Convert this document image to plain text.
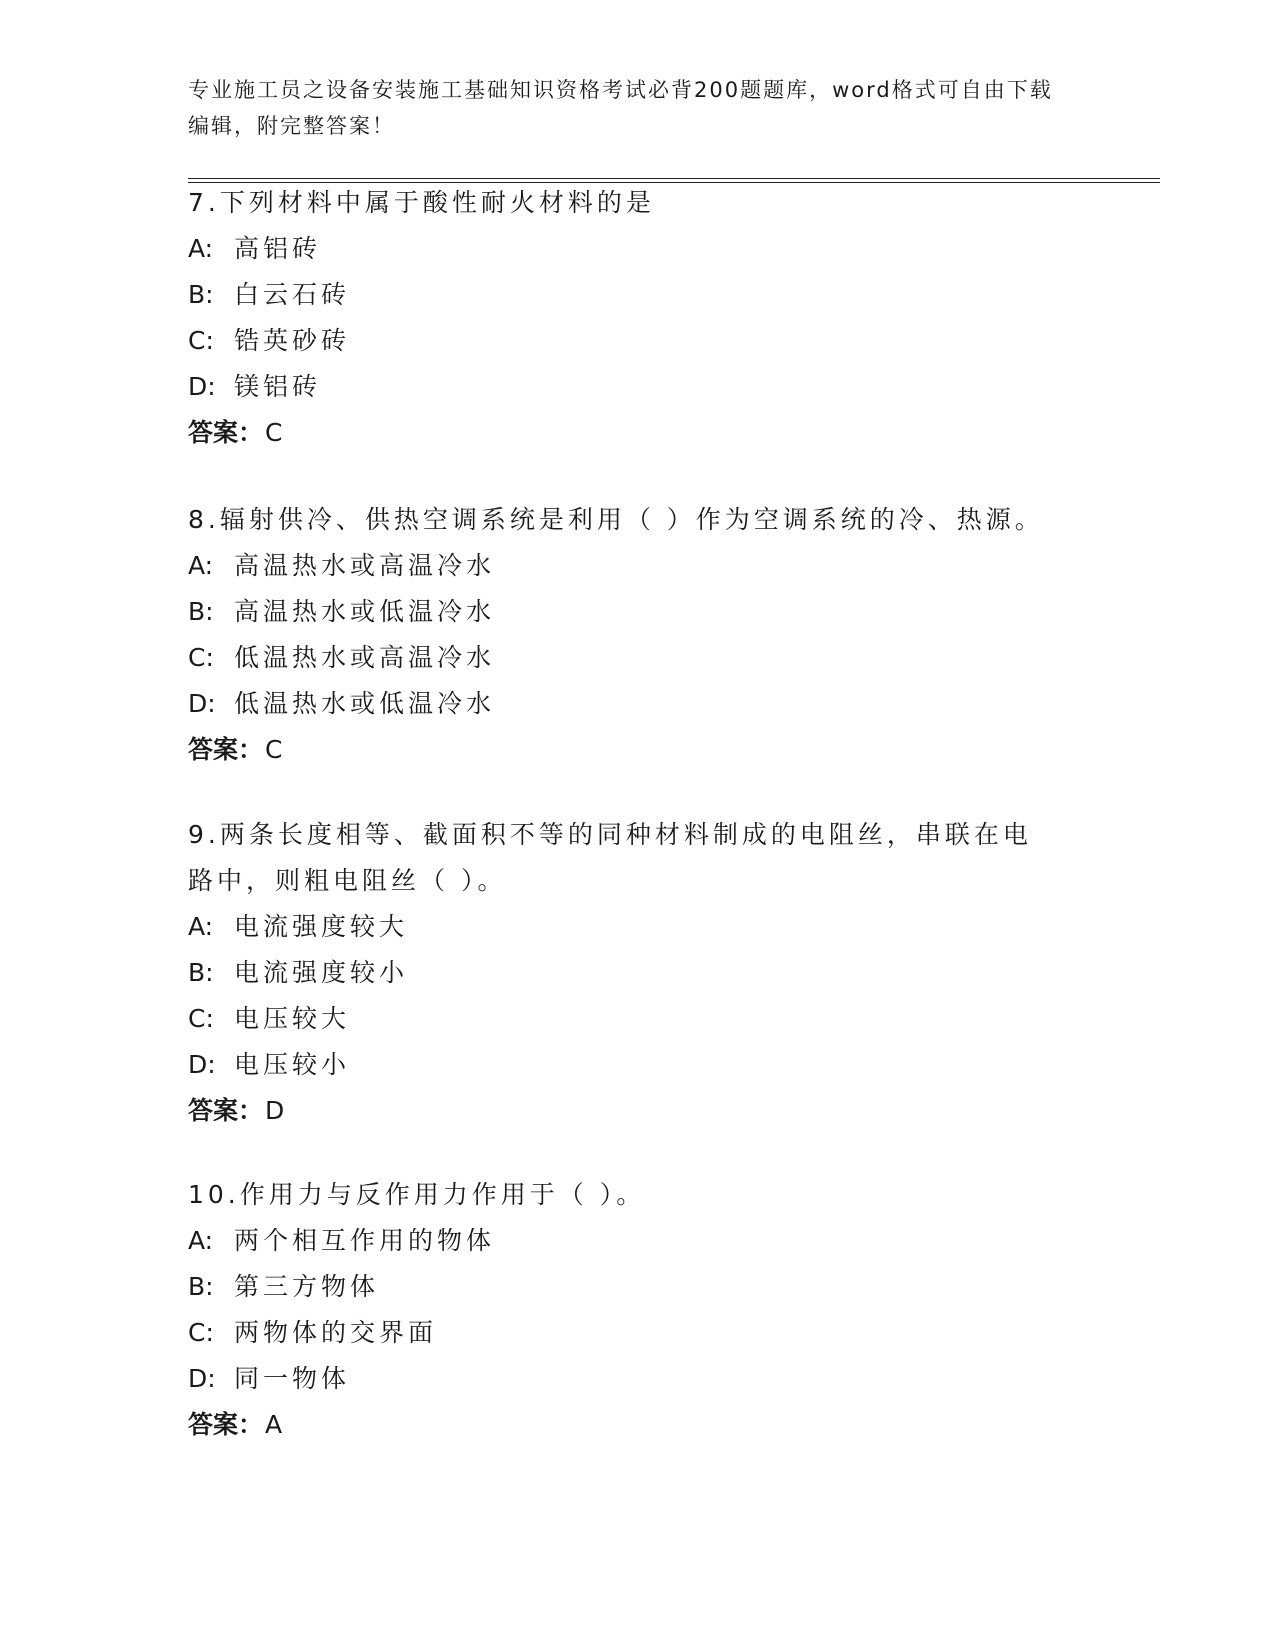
专业施工员之设备安装施工基础知识资格考试必背200题题库，word格式可自由下载编辑，附完整答案！

7.下列材料中属于酸性耐火材料的是

A: 高铝砖

B: 白云石砖

C: 锆英砂砖

D: 镁铝砖

答案：C

8.辐射供冷、供热空调系统是利用（ ）作为空调系统的冷、热源。

A: 高温热水或高温冷水

B: 高温热水或低温冷水

C: 低温热水或高温冷水

D: 低温热水或低温冷水

答案：C

9.两条长度相等、截面积不等的同种材料制成的电阻丝，串联在电路中，则粗电阻丝（ ）。

A: 电流强度较大

B: 电流强度较小

C: 电压较大

D: 电压较小

答案：D

10.作用力与反作用力作用于（ ）。

A: 两个相互作用的物体

B: 第三方物体

C: 两物体的交界面

D: 同一物体

答案：A
